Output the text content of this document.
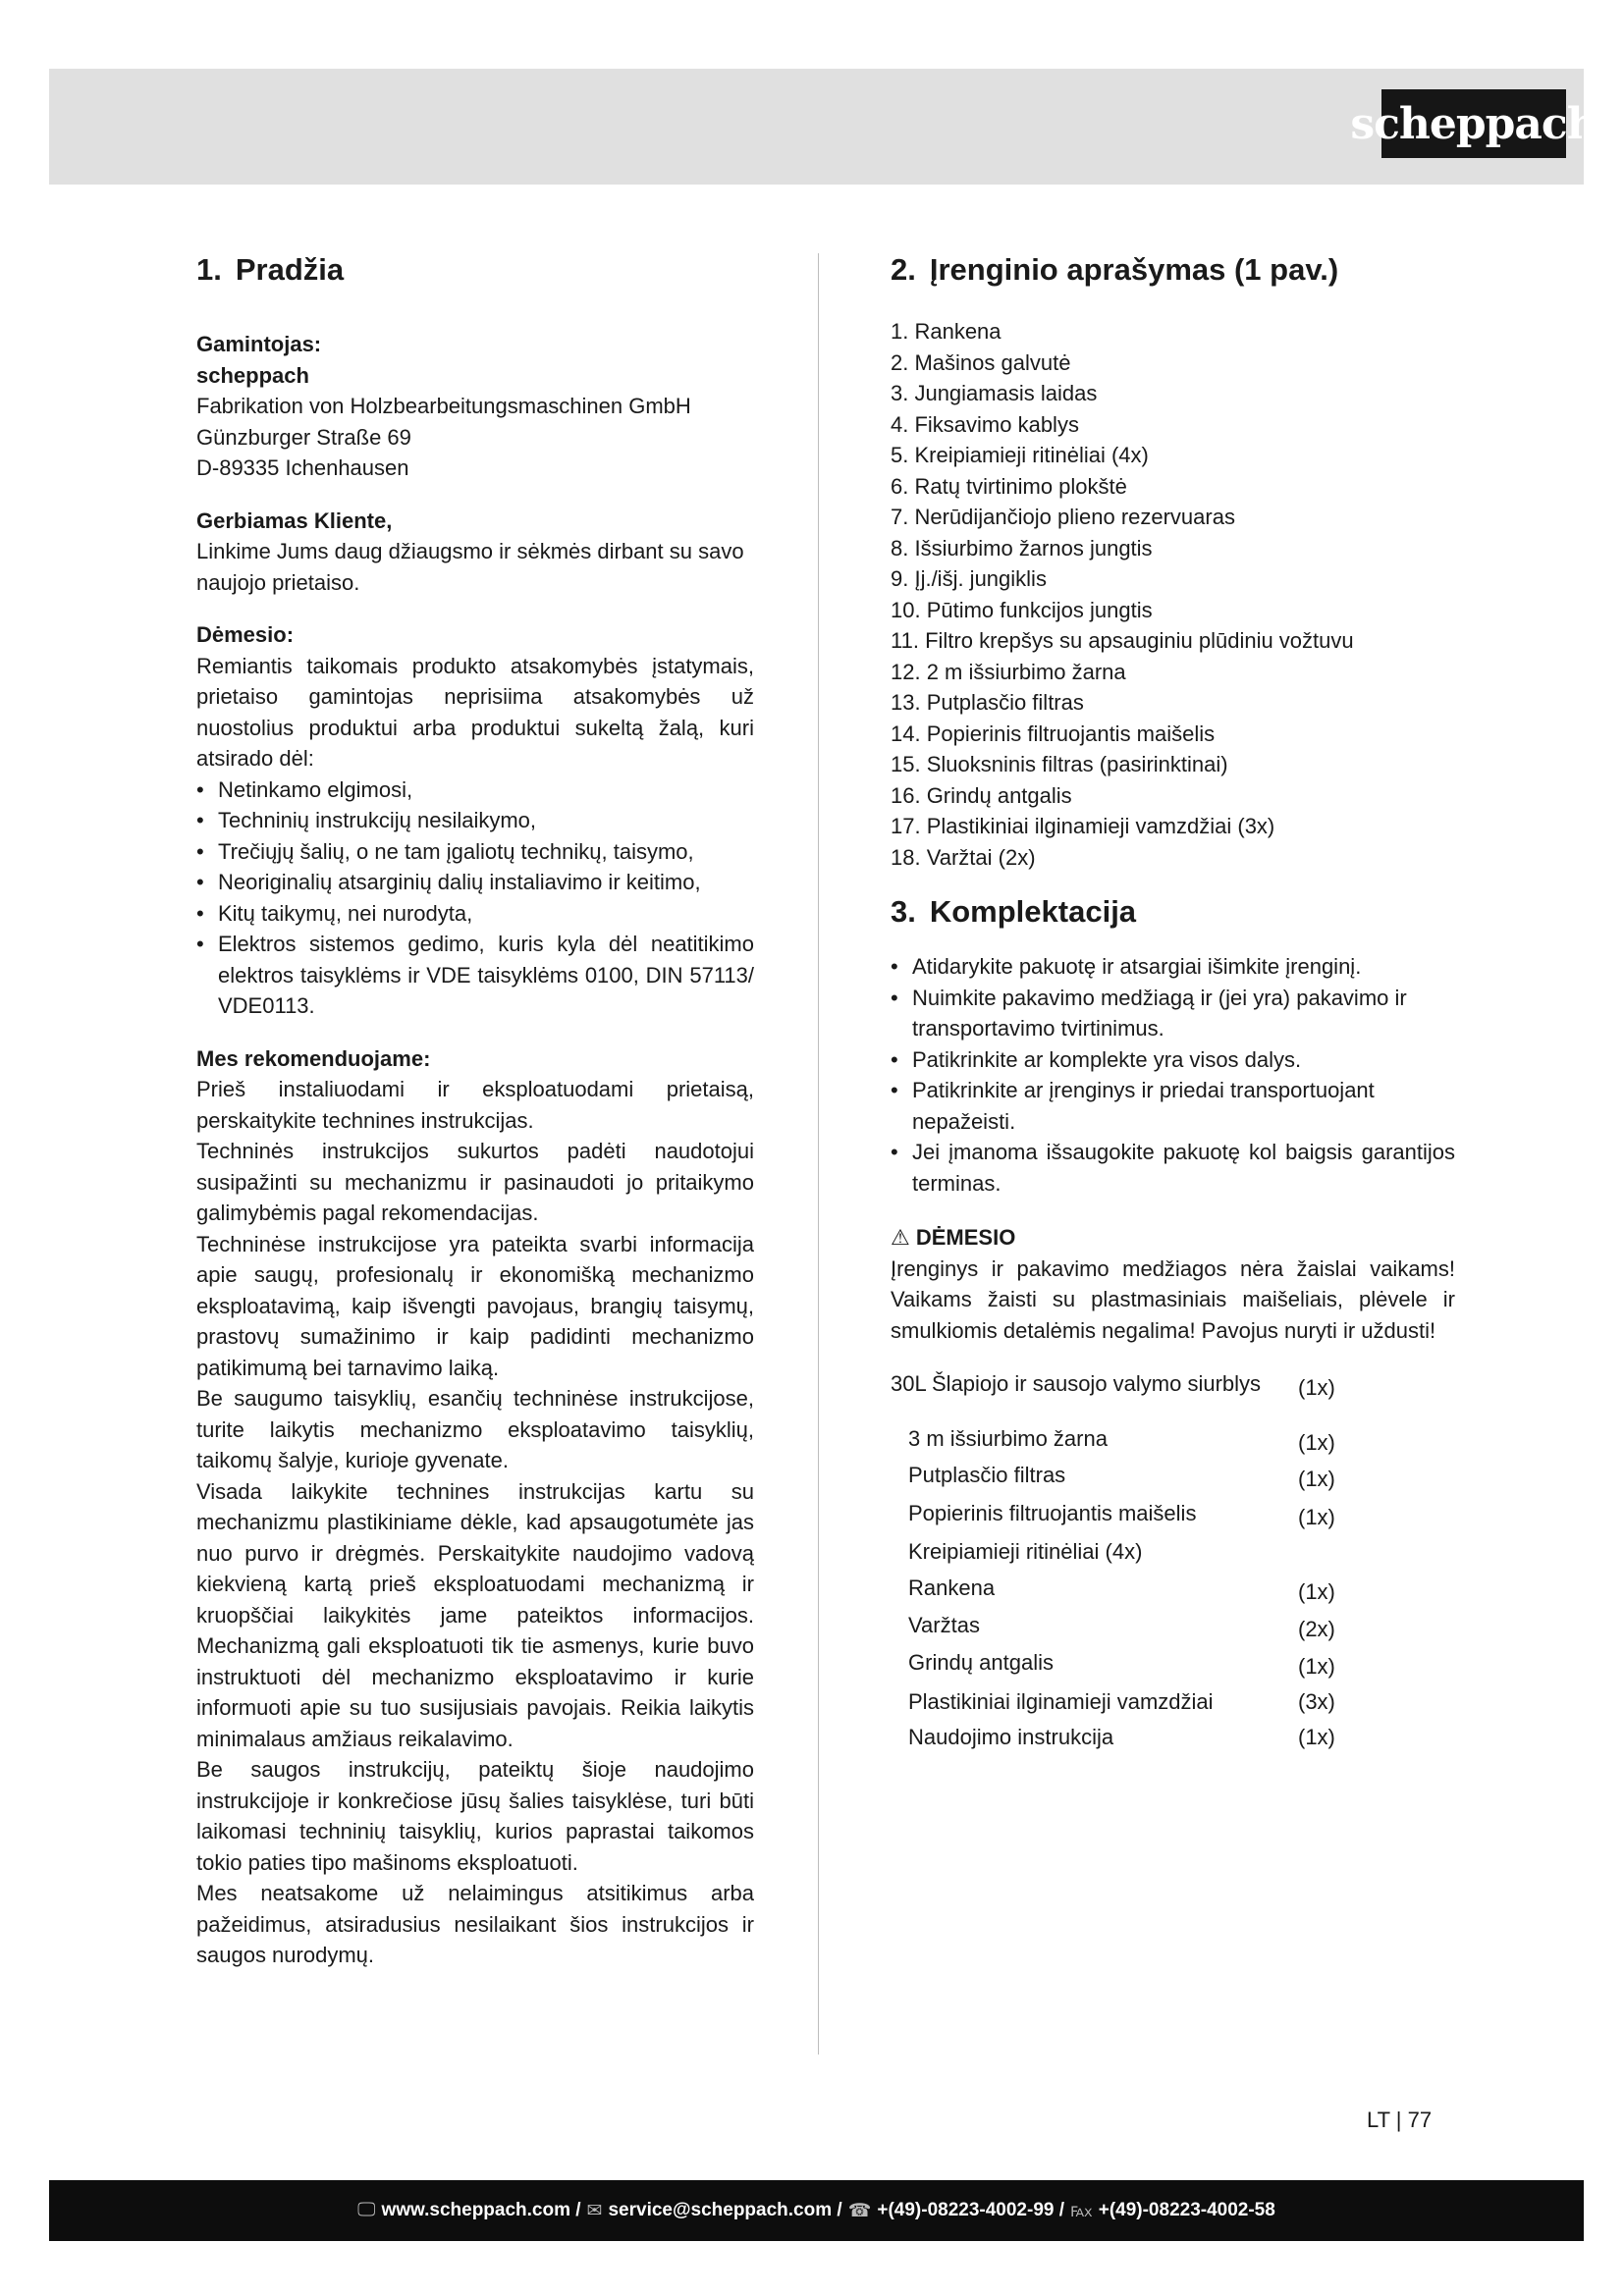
scheppach
1. Pradžia

Gamintojas:

scheppach

Fabrikation von Holzbearbeitungsmaschinen GmbH

Günzburger Straße 69

D-89335 Ichenhausen

Gerbiamas Kliente,

Linkime Jums daug džiaugsmo ir sėkmės dirbant su savo naujojo prietaiso.

Dėmesio:

Remiantis taikomais produkto atsakomybės įstatymais, prietaiso gamintojas neprisiima atsakomybės už nuostolius produktui arba produktui sukeltą žalą, kuri atsirado dėl:

• Netinkamo elgimosi,
• Techninių instrukcijų nesilaikymo,
• Trečiųjų šalių, o ne tam įgaliotų technikų, taisymo,
• Neoriginalių atsarginių dalių instaliavimo ir keitimo,
• Kitų taikymų, nei nurodyta,
• Elektros sistemos gedimo, kuris kyla dėl neatitikimo elektros taisyklėms ir VDE taisyklėms 0100, DIN 57113/ VDE0113.

Mes rekomenduojame:

Prieš instaliuodami ir eksploatuodami prietaisą, perskaitykite technines instrukcijas.

Techninės instrukcijos sukurtos padėti naudotojui susipažinti su mechanizmu ir pasinaudoti jo pritaikymo galimybėmis pagal rekomendacijas.

Techninėse instrukcijose yra pateikta svarbi informacija apie saugų, profesionalų ir ekonomišką mechanizmo eksploatavimą, kaip išvengti pavojaus, brangių taisymų, prastovų sumažinimo ir kaip padidinti mechanizmo patikimumą bei tarnavimo laiką.

Be saugumo taisyklių, esančių techninėse instrukcijose, turite laikytis mechanizmo eksploatavimo taisyklių, taikomų šalyje, kurioje gyvenate.

Visada laikykite technines instrukcijas kartu su mechanizmu plastikiniame dėkle, kad apsaugotumėte jas nuo purvo ir drėgmės. Perskaitykite naudojimo vadovą kiekvieną kartą prieš eksploatuodami mechanizmą ir kruopščiai laikykitės jame pateiktos informacijos. Mechanizmą gali eksploatuoti tik tie asmenys, kurie buvo instruktuoti dėl mechanizmo eksploatavimo ir kurie informuoti apie su tuo susijusiais pavojais. Reikia laikytis minimalaus amžiaus reikalavimo.

Be saugos instrukcijų, pateiktų šioje naudojimo instrukcijoje ir konkrečiose jūsų šalies taisyklėse, turi būti laikomasi techninių taisyklių, kurios paprastai taikomos tokio paties tipo mašinoms eksploatuoti.

Mes neatsakome už nelaimingus atsitikimus arba pažeidimus, atsiradusius nesilaikant šios instrukcijos ir saugos nurodymų.

2. Įrenginio aprašymas (1 pav.)
1. Rankena
2. Mašinos galvutė
3. Jungiamasis laidas
4. Fiksavimo kablys
5. Kreipiamieji ritinėliai (4x)
6. Ratų tvirtinimo plokštė
7. Nerūdijančiojo plieno rezervuaras
8. Išsiurbimo žarnos jungtis
9. Įj./išj. jungiklis
10. Pūtimo funkcijos jungtis
11. Filtro krepšys su apsauginiu plūdiniu vožtuvu
12. 2 m išsiurbimo žarna
13. Putplasčio filtras
14. Popierinis filtruojantis maišelis
15. Sluoksninis filtras (pasirinktinai)
16. Grindų antgalis
17. Plastikiniai ilginamieji vamzdžiai (3x)
18. Varžtai (2x)
3. Komplektacija
• Atidarykite pakuotę ir atsargiai išimkite įrenginį.
• Nuimkite pakavimo medžiagą ir (jei yra) pakavimo ir transportavimo tvirtinimus.
• Patikrinkite ar komplekte yra visos dalys.
• Patikrinkite ar įrenginys ir priedai transportuojant nepažeisti.
• Jei įmanoma išsaugokite pakuotę kol baigsis garantijos terminas.

⚠ DĖMESIO

Įrenginys ir pakavimo medžiagos nėra žaislai vaikams! Vaikams žaisti su plastmasiniais maišeliais, plėvele ir smulkiomis detalėmis negalima! Pavojus nuryti ir uždusti!

30L Šlapiojo ir sausojo valymo siurblys	(1x)
3 m išsiurbimo žarna	(1x)
Putplasčio filtras	(1x)
Popierinis filtruojantis maišelis	(1x)
Kreipiamieji ritinėliai (4x)	
Rankena	(1x)
Varžtas	(2x)
Grindų antgalis	(1x)
Plastikiniai ilginamieji vamzdžiai	(3x)
Naudojimo instrukcija	(1x)
LT | 77
🖵 www.scheppach.com / ✉ service@scheppach.com / ☎ +(49)-08223-4002-99 / ℻ +(49)-08223-4002-58
